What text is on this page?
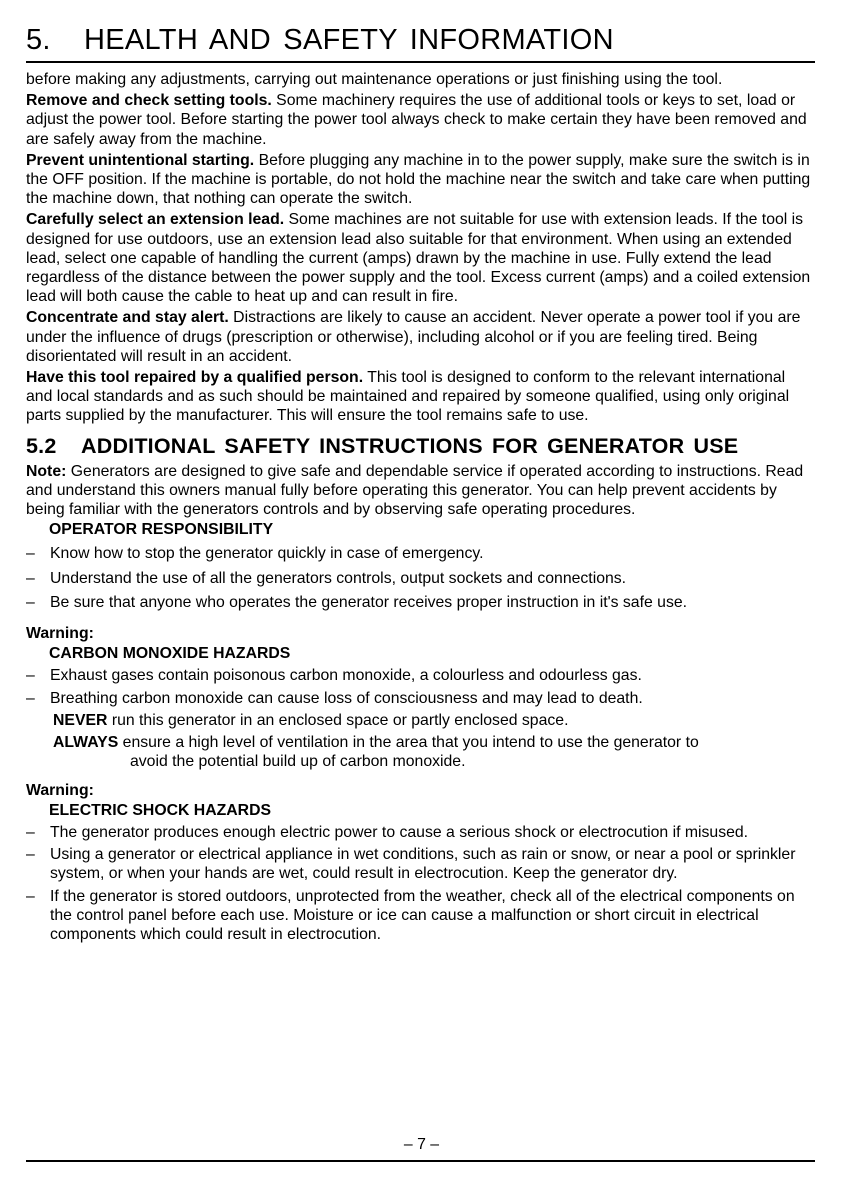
5. HEALTH AND SAFETY INFORMATION

before making any adjustments, carrying out maintenance operations or just finishing using the tool.

Remove and check setting tools. Some machinery requires the use of additional tools or keys to set, load or adjust the power tool. Before starting the power tool always check to make certain they have been removed and are safely away from the machine.

Prevent unintentional starting. Before plugging any machine in to the power supply, make sure the switch is in the OFF position. If the machine is portable, do not hold the machine near the switch and take care when putting the machine down, that nothing can operate the switch.

Carefully select an extension lead. Some machines are not suitable for use with extension leads. If the tool is designed for use outdoors, use an extension lead also suitable for that environment. When using an extended lead, select one capable of handling the current (amps) drawn by the machine in use. Fully extend the lead regardless of the distance between the power supply and the tool. Excess current (amps) and a coiled extension lead will both cause the cable to heat up and can result in fire.

Concentrate and stay alert. Distractions are likely to cause an accident. Never operate a power tool if you are under the influence of drugs (prescription or otherwise), including alcohol or if you are feeling tired. Being disorientated will result in an accident.

Have this tool repaired by a qualified person. This tool is designed to conform to the relevant international and local standards and as such should be maintained and repaired by someone qualified, using only original parts supplied by the manufacturer. This will ensure the tool remains safe to use.

5.2 ADDITIONAL SAFETY INSTRUCTIONS FOR GENERATOR USE

Note: Generators are designed to give safe and dependable service if operated according to instructions. Read and understand this owners manual fully before operating this generator. You can help prevent accidents by being familiar with the generators controls and by observing safe operating procedures.

OPERATOR RESPONSIBILITY

– Know how to stop the generator quickly in case of emergency.
– Understand the use of all the generators controls, output sockets and connections.
– Be sure that anyone who operates the generator receives proper instruction in it's safe use.

Warning:

CARBON MONOXIDE HAZARDS

– Exhaust gases contain poisonous carbon monoxide, a colourless and odourless gas.
– Breathing carbon monoxide can cause loss of consciousness and may lead to death.

NEVER run this generator in an enclosed space or partly enclosed space.

ALWAYS ensure a high level of ventilation in the area that you intend to use the generator to
avoid the potential build up of carbon monoxide.

Warning:

ELECTRIC SHOCK HAZARDS

– The generator produces enough electric power to cause a serious shock or electrocution if misused.
– Using a generator or electrical appliance in wet conditions, such as rain or snow, or near a pool or sprinkler system, or when your hands are wet, could result in electrocution. Keep the generator dry.
– If the generator is stored outdoors, unprotected from the weather, check all of the electrical components on the control panel before each use. Moisture or ice can cause a malfunction or short circuit in electrical components which could result in electrocution.
– 7 –
